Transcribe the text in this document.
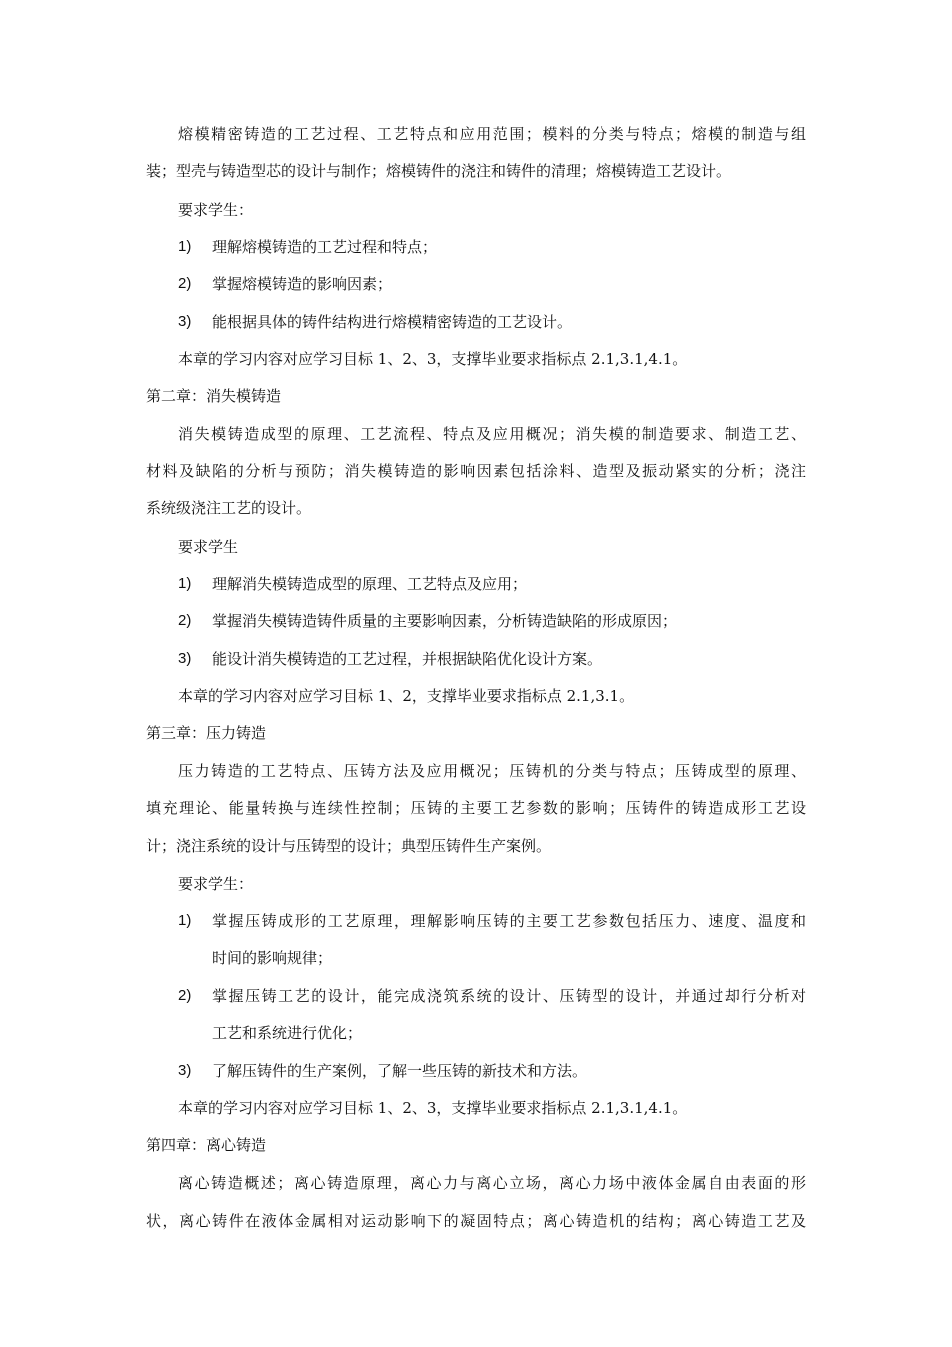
熔模精密铸造的工艺过程、工艺特点和应用范围；模料的分类与特点；熔模的制造与组
装；型壳与铸造型芯的设计与制作；熔模铸件的浇注和铸件的清理；熔模铸造工艺设计。
要求学生：
1) 理解熔模铸造的工艺过程和特点；
2) 掌握熔模铸造的影响因素；
3) 能根据具体的铸件结构进行熔模精密铸造的工艺设计。
本章的学习内容对应学习目标 1、2、3，支撑毕业要求指标点 2.1,3.1,4.1。
第二章：消失模铸造
消失模铸造成型的原理、工艺流程、特点及应用概况；消失模的制造要求、制造工艺、
材料及缺陷的分析与预防；消失模铸造的影响因素包括涂料、造型及振动紧实的分析；浇注
系统级浇注工艺的设计。
要求学生
1) 理解消失模铸造成型的原理、工艺特点及应用；
2) 掌握消失模铸造铸件质量的主要影响因素，分析铸造缺陷的形成原因；
3) 能设计消失模铸造的工艺过程，并根据缺陷优化设计方案。
本章的学习内容对应学习目标 1、2，支撑毕业要求指标点 2.1,3.1。
第三章：压力铸造
压力铸造的工艺特点、压铸方法及应用概况；压铸机的分类与特点；压铸成型的原理、
填充理论、能量转换与连续性控制；压铸的主要工艺参数的影响；压铸件的铸造成形工艺设
计；浇注系统的设计与压铸型的设计；典型压铸件生产案例。
要求学生：
1) 掌握压铸成形的工艺原理，理解影响压铸的主要工艺参数包括压力、速度、温度和
时间的影响规律；
2) 掌握压铸工艺的设计，能完成浇筑系统的设计、压铸型的设计，并通过却行分析对
工艺和系统进行优化；
3) 了解压铸件的生产案例，了解一些压铸的新技术和方法。
本章的学习内容对应学习目标 1、2、3，支撑毕业要求指标点 2.1,3.1,4.1。
第四章：离心铸造
离心铸造概述；离心铸造原理，离心力与离心立场，离心力场中液体金属自由表面的形
状，离心铸件在液体金属相对运动影响下的凝固特点；离心铸造机的结构；离心铸造工艺及
